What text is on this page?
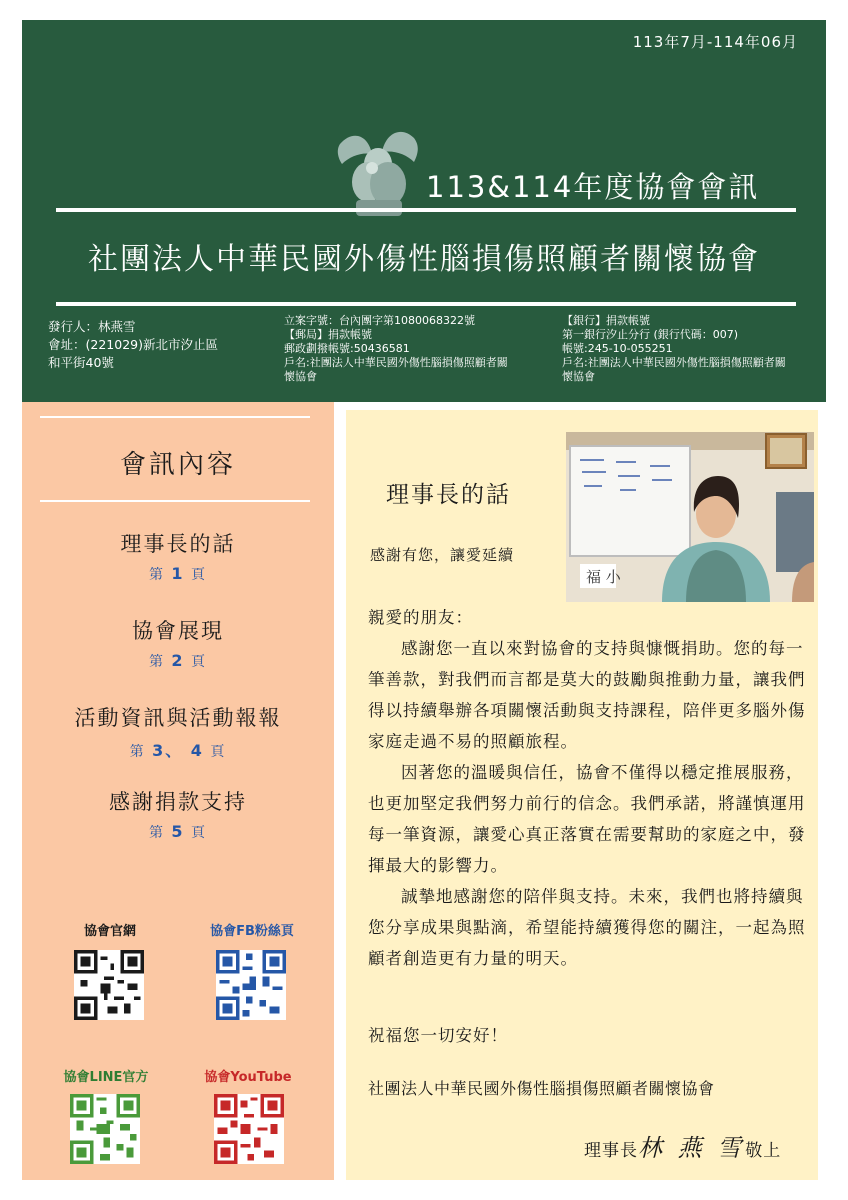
113年7月-114年06月
113&114年度協會會訊
社團法人中華民國外傷性腦損傷照顧者關懷協會
發行人：林燕雪
會址：(221029)新北市汐止區
和平街40號
立案字號：台內團字第1080068322號
【郵局】捐款帳號
郵政劃撥帳號:50436581
戶名:社團法人中華民國外傷性腦損傷照顧者關
懷協會
【銀行】捐款帳號
第一銀行汐止分行 (銀行代碼：007)
帳號:245-10-055251
戶名:社團法人中華民國外傷性腦損傷照顧者關
懷協會
會訊內容
理事長的話
第 1 頁
協會展現
第 2 頁
活動資訊與活動報報
第 3、 4 頁
感謝捐款支持
第 5 頁
協會官網	協會FB粉絲頁
協會LINE官方	協會YouTube
福 小
理事長的話
感謝有您，讓愛延續

親愛的朋友：

感謝您一直以來對協會的支持與慷慨捐助。您的每一筆善款，對我們而言都是莫大的鼓勵與推動力量，讓我們得以持續舉辦各項關懷活動與支持課程，陪伴更多腦外傷家庭走過不易的照顧旅程。

因著您的溫暖與信任，協會不僅得以穩定推展服務，也更加堅定我們努力前行的信念。我們承諾，將謹慎運用每一筆資源，讓愛心真正落實在需要幫助的家庭之中，發揮最大的影響力。

誠摯地感謝您的陪伴與支持。未來，我們也將持續與您分享成果與點滴，希望能持續獲得您的關注，一起為照顧者創造更有力量的明天。

祝福您一切安好！
社團法人中華民國外傷性腦損傷照顧者關懷協會
理事長林 燕 雪敬上
